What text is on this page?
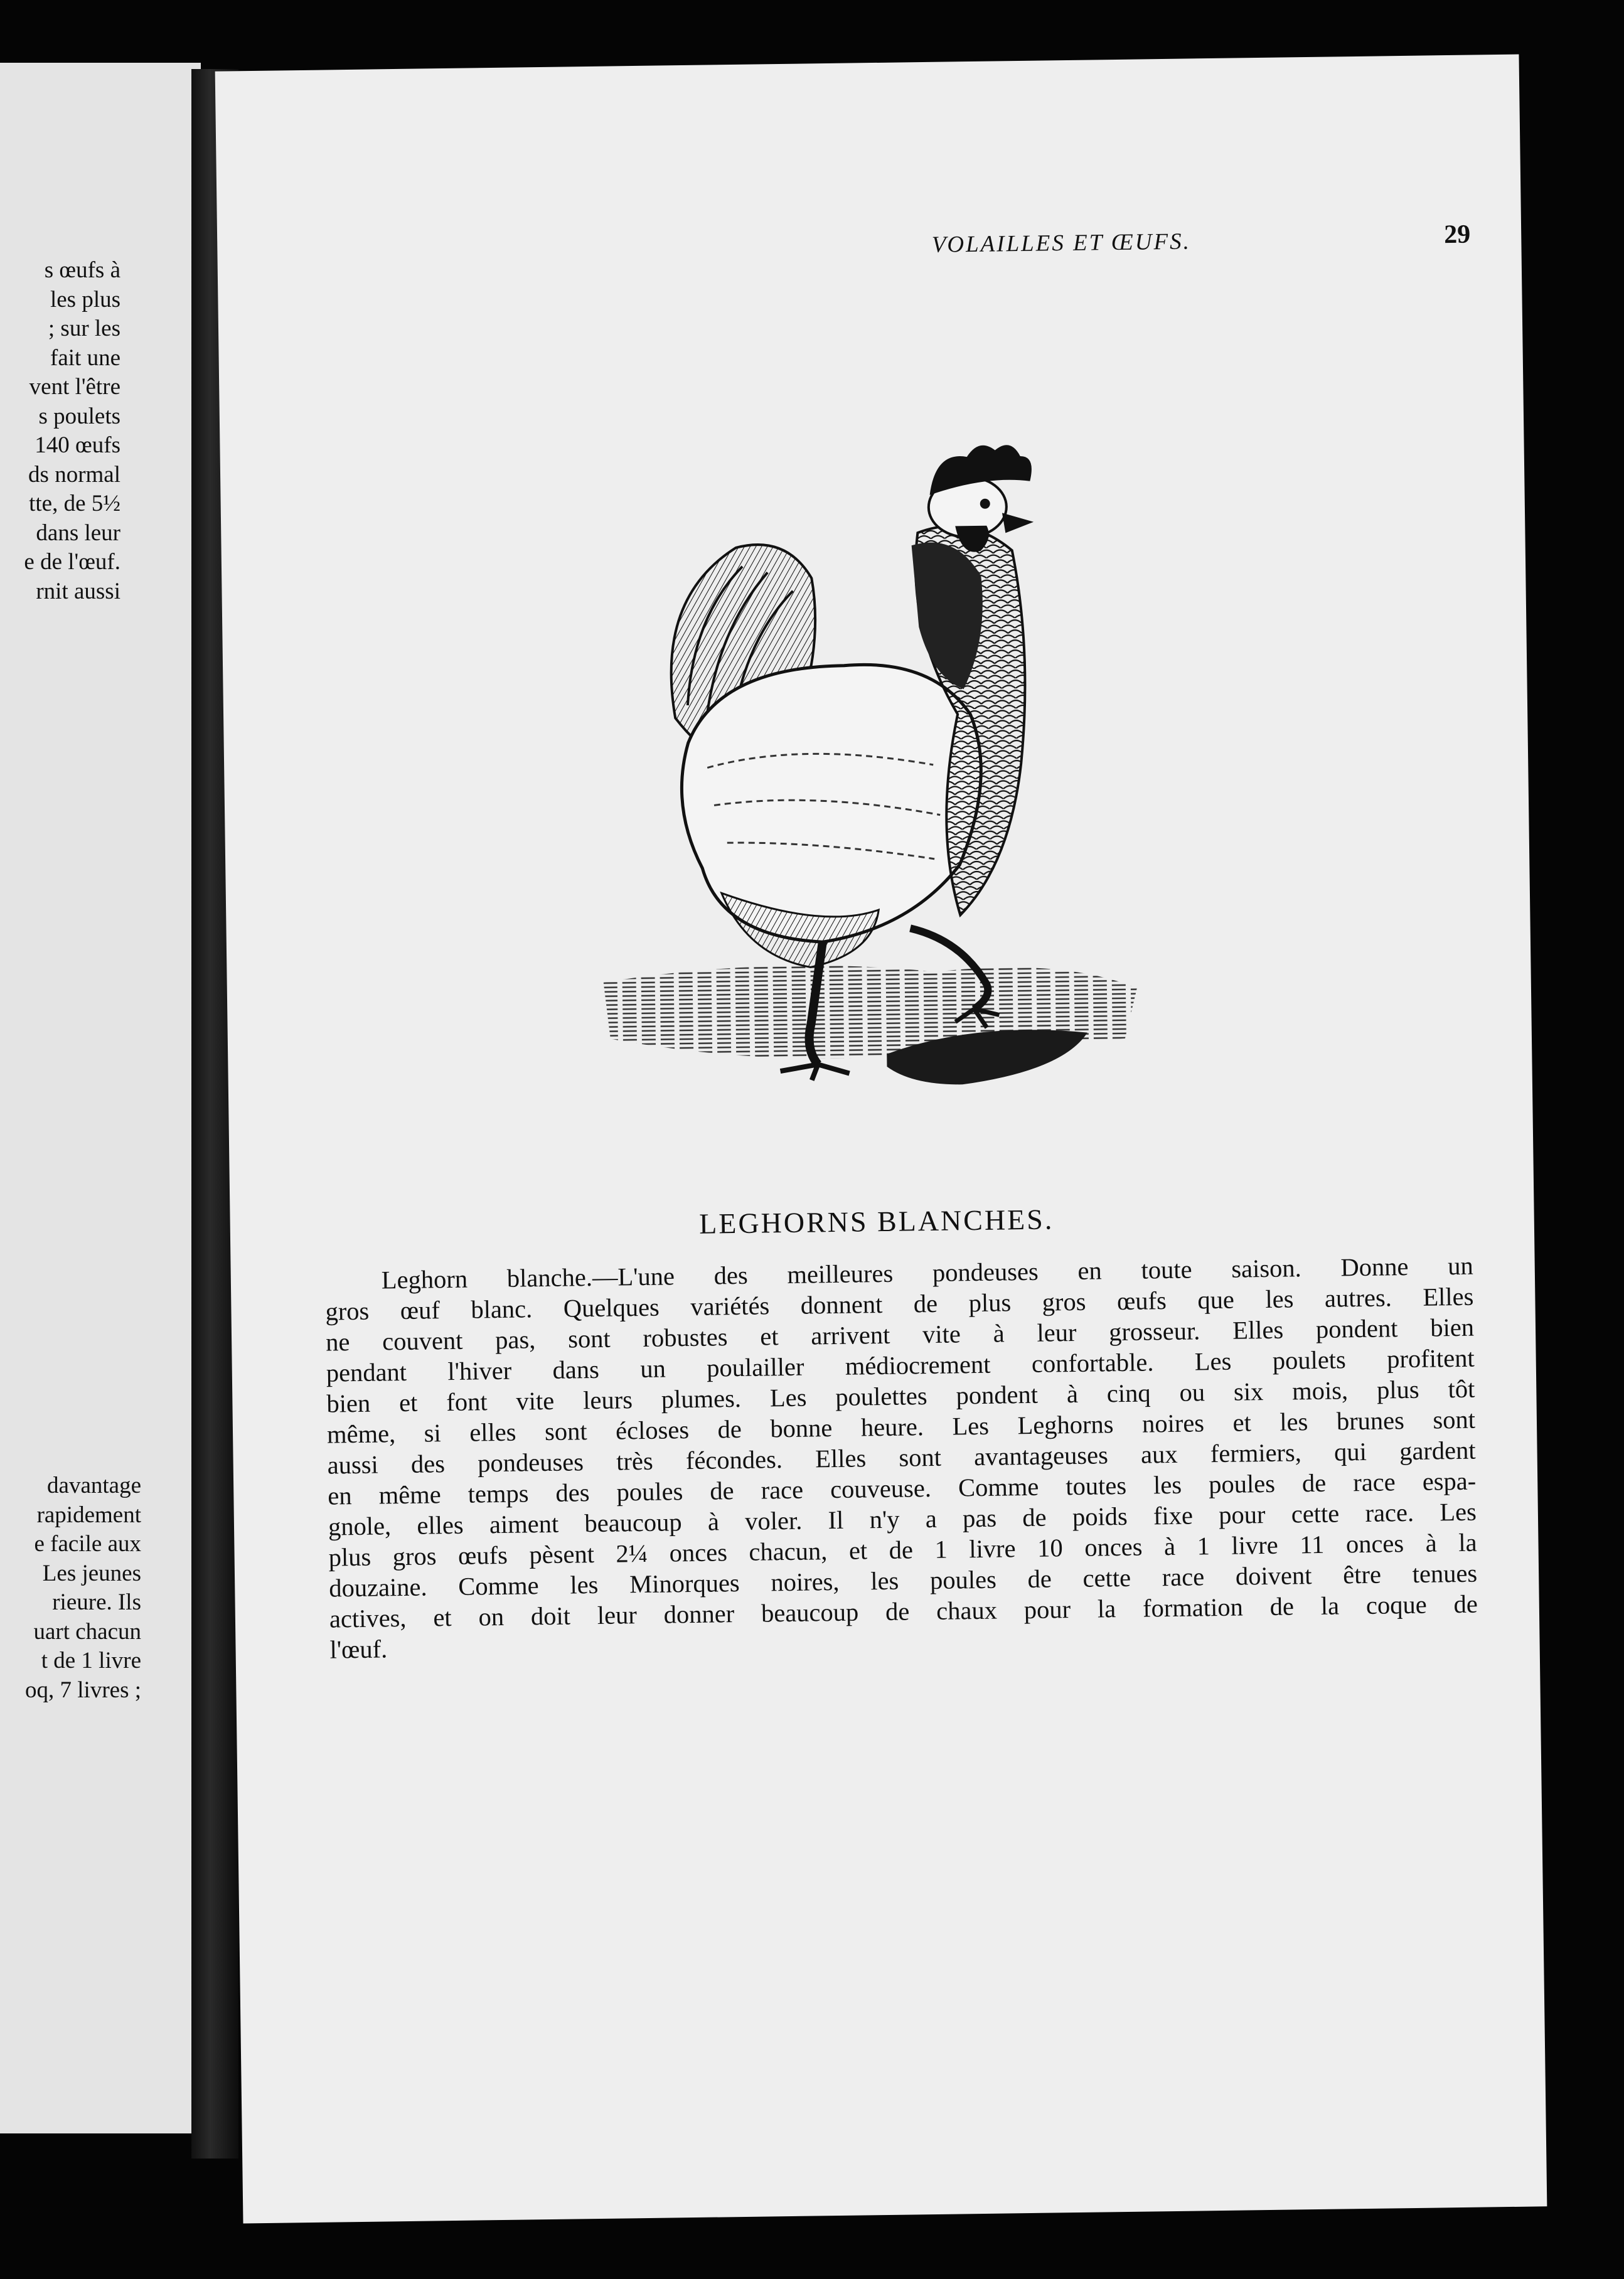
s œufs à
les plus
; sur les
fait une
vent l'être
s poulets
140 œufs
ds normal
tte, de 5½
dans leur
e de l'œuf.
rnit aussi
davantage
rapidement
e facile aux
Les jeunes
rieure. Ils
uart chacun
t de 1 livre
oq, 7 livres ;
VOLAILLES ET ŒUFS.	29
LEGHORNS BLANCHES.
Leghorn blanche.—L'une des meilleures pondeuses en toute saison. Donne un
gros œuf blanc. Quelques variétés donnent de plus gros œufs que les autres. Elles
ne couvent pas, sont robustes et arrivent vite à leur grosseur. Elles pondent bien
pendant l'hiver dans un poulailler médiocrement confortable. Les poulets profitent
bien et font vite leurs plumes. Les poulettes pondent à cinq ou six mois, plus tôt
même, si elles sont écloses de bonne heure. Les Leghorns noires et les brunes sont
aussi des pondeuses très fécondes. Elles sont avantageuses aux fermiers, qui gardent
en même temps des poules de race couveuse. Comme toutes les poules de race espa-
gnole, elles aiment beaucoup à voler. Il n'y a pas de poids fixe pour cette race. Les
plus gros œufs pèsent 2¼ onces chacun, et de 1 livre 10 onces à 1 livre 11 onces à la
douzaine. Comme les Minorques noires, les poules de cette race doivent être tenues
actives, et on doit leur donner beaucoup de chaux pour la formation de la coque de
l'œuf.
